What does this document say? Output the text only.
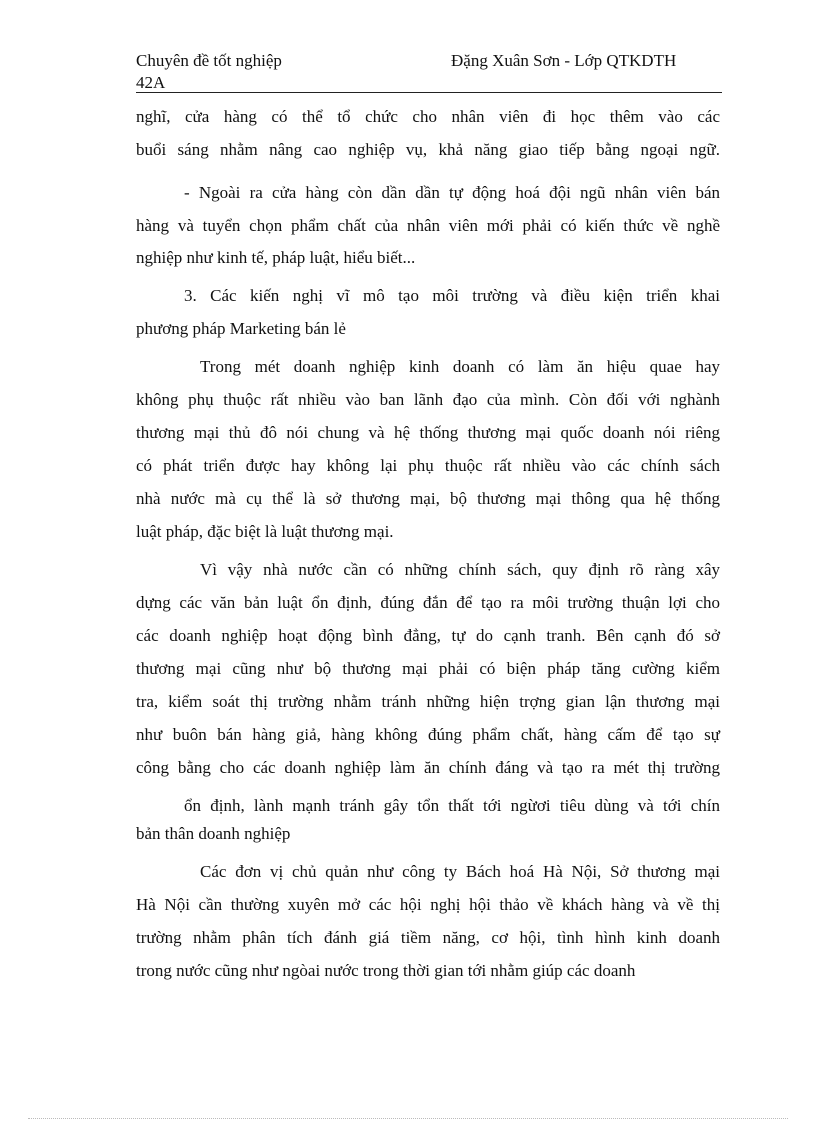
Chuyên đề tốt nghiệp
42A
Đặng Xuân Sơn - Lớp QTKDTH
nghĩ, cửa hàng có thể tổ chức cho nhân viên đi học thêm vào các
buổi sáng nhằm nâng cao nghiệp vụ, khả năng giao tiếp bằng ngoại ngữ.
- Ngoài ra cửa hàng còn dần dần tự động hoá đội ngũ nhân viên bán
hàng và tuyển chọn phẩm chất của nhân viên mới phải có kiến thức về nghề
nghiệp như kinh tế, pháp luật, hiểu biết...
3. Các kiến nghị vĩ mô tạo môi trường và điều kiện triển khai
phương pháp Marketing bán lẻ
Trong mét doanh nghiệp kinh doanh có làm ăn hiệu quae hay
không phụ thuộc rất nhiều vào ban lãnh đạo của mình. Còn đối với nghành
thương mại thủ đô nói chung và hệ thống thương mại quốc doanh nói riêng
có phát triển được hay không lại phụ thuộc rất nhiều vào các chính sách
nhà nước mà cụ thể là sở thương mại, bộ thương mại thông qua hệ thống
luật pháp, đặc biệt là luật thương mại.
Vì vậy nhà nước cần có những chính sách, quy định rõ ràng xây
dựng các văn bản luật ổn định, đúng đắn để tạo ra môi trường thuận lợi cho
các doanh nghiệp hoạt động bình đẳng, tự do cạnh tranh. Bên cạnh đó sở
thương mại cũng như bộ thương mại phải có biện pháp tăng cường kiểm
tra, kiểm soát thị trường nhằm tránh những hiện trợng gian lận thương mại
như buôn bán hàng giả, hàng không đúng phẩm chất, hàng cấm để tạo sự
công bằng cho các doanh nghiệp làm ăn chính đáng và tạo ra mét thị trường
ổn định, lành mạnh tránh gây tổn thất tới ngừơi tiêu dùng và tới chín
bản thân doanh nghiệp
Các đơn vị chủ quản như công ty Bách hoá Hà Nội, Sở thương mại
Hà Nội cần thường xuyên mở các hội nghị hội thảo về khách hàng và về thị
trường nhằm phân tích đánh giá tiềm năng, cơ hội, tình hình kinh doanh
trong nước cũng như ngòai nước trong thời gian tới nhằm giúp các doanh
